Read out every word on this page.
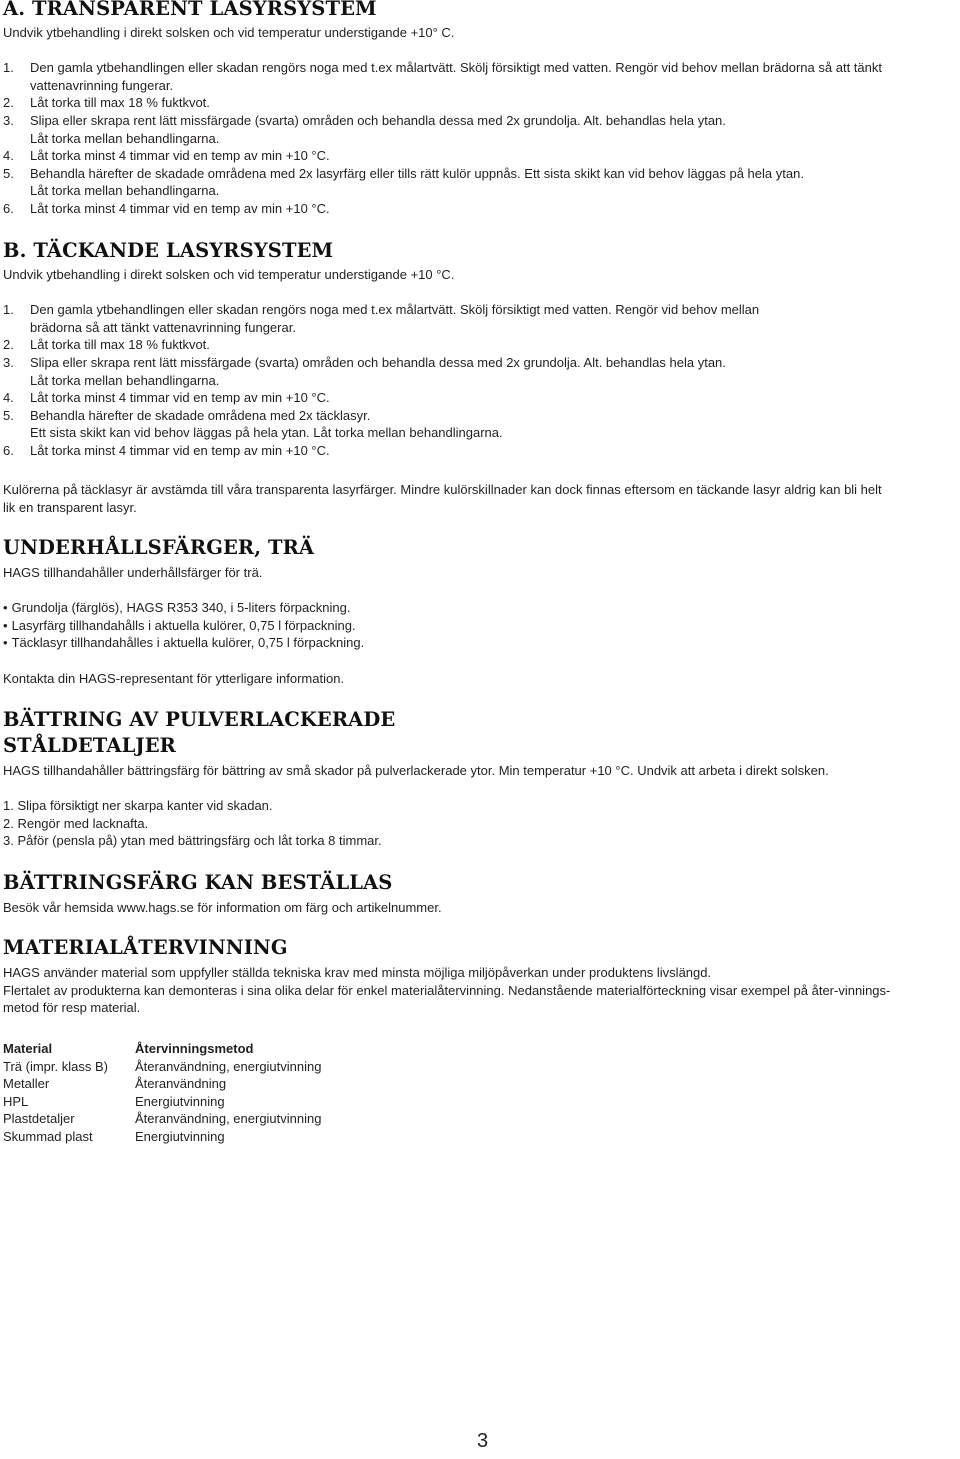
A. TRANSPARENT LASYRSYSTEM

Undvik ytbehandling i direkt solsken och vid temperatur understigande +10° C.

1.	Den gamla ytbehandlingen eller skadan rengörs noga med t.ex målartvätt. Skölj försiktigt med vatten. Rengör vid behov mellan brädorna så att tänkt
vattenavrinning fungerar.
2.	Låt torka till max 18 % fuktkvot.
3.	Slipa eller skrapa rent lätt missfärgade (svarta) områden och behandla dessa med 2x grundolja. Alt. behandlas hela ytan.
Låt torka mellan behandlingarna.
4.	Låt torka minst 4 timmar vid en temp av min +10 °C.
5.	Behandla härefter de skadade områdena med 2x lasyrfärg eller tills rätt kulör uppnås. Ett sista skikt kan vid behov läggas på hela ytan.
Låt torka mellan behandlingarna.
6.	Låt torka minst 4 timmar vid en temp av min +10 °C.
B. TÄCKANDE LASYRSYSTEM

Undvik ytbehandling i direkt solsken och vid temperatur understigande +10 °C.

1.	Den gamla ytbehandlingen eller skadan rengörs noga med t.ex målartvätt. Skölj försiktigt med vatten. Rengör vid behov mellan
brädorna så att tänkt vattenavrinning fungerar.
2.	Låt torka till max 18 % fuktkvot.
3.	Slipa eller skrapa rent lätt missfärgade (svarta) områden och behandla dessa med 2x grundolja. Alt. behandlas hela ytan.
Låt torka mellan behandlingarna.
4.	Låt torka minst 4 timmar vid en temp av min +10 °C.
5.	Behandla härefter de skadade områdena med 2x täcklasyr.
Ett sista skikt kan vid behov läggas på hela ytan. Låt torka mellan behandlingarna.
6.	Låt torka minst 4 timmar vid en temp av min +10 °C.

Kulörerna på täcklasyr är avstämda till våra transparenta lasyrfärger. Mindre kulörskillnader kan dock finnas eftersom en täckande lasyr aldrig kan bli helt

lik en transparent lasyr.

UNDERHÅLLSFÄRGER, TRÄ

HAGS tillhandahåller underhållsfärger för trä.

• Grundolja (färglös), HAGS R353 340, i 5-liters förpackning.
• Lasyrfärg tillhandahålls i aktuella kulörer, 0,75 l förpackning.
• Täcklasyr tillhandahålles i aktuella kulörer, 0,75 l förpackning.

Kontakta din HAGS-representant för ytterligare information.

BÄTTRING AV PULVERLACKERADE
STÅLDETALJER

HAGS tillhandahåller bättringsfärg för bättring av små skador på pulverlackerade ytor. Min temperatur +10 °C. Undvik att arbeta i direkt solsken.

1. Slipa försiktigt ner skarpa kanter vid skadan.

2. Rengör med lacknafta.

3. Påför (pensla på) ytan med bättringsfärg och låt torka 8 timmar.

BÄTTRINGSFÄRG KAN BESTÄLLAS

Besök vår hemsida www.hags.se för information om färg och artikelnummer.

MATERIALÅTERVINNING

HAGS använder material som uppfyller ställda tekniska krav med minsta möjliga miljöpåverkan under produktens livslängd.

Flertalet av produkterna kan demonteras i sina olika delar för enkel materialåtervinning. Nedanstående materialförteckning visar exempel på åter-vinnings-

metod för resp material.

Material	Återvinningsmetod
Trä (impr. klass B)	Återanvändning, energiutvinning
Metaller	Återanvändning
HPL	Energiutvinning
Plastdetaljer	Återanvändning, energiutvinning
Skummad plast	Energiutvinning
3
